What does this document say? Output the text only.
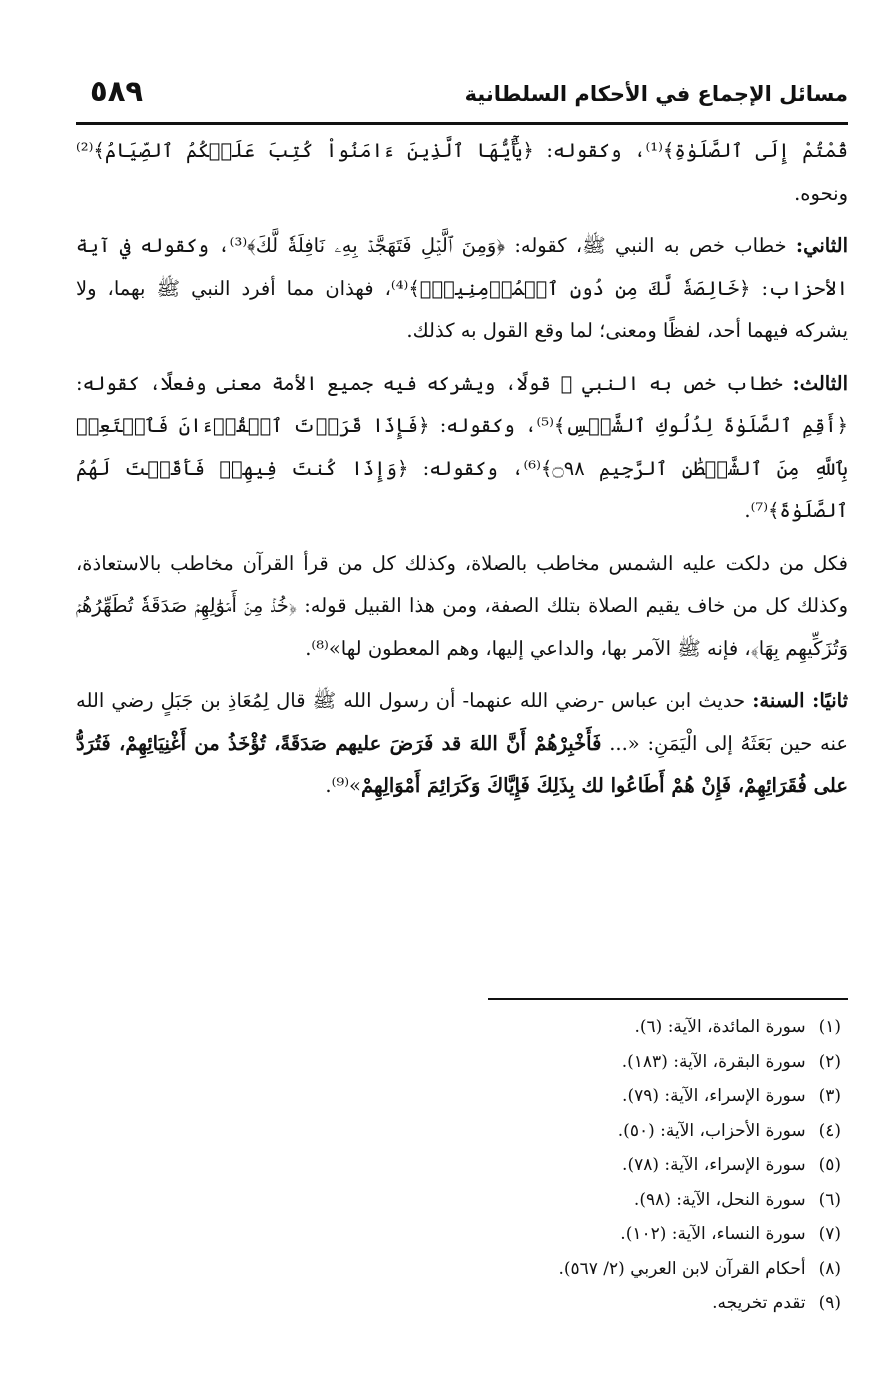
مسائل الإجماع في الأحكام السلطانية
٥٨٩

قُمْتُمْ إِلَى ٱلصَّلَوٰةِ﴾⁽¹⁾، وكقوله: ﴿يَٰٓأَيُّهَا ٱلَّذِينَ ءَامَنُواْ كُتِبَ عَلَيۡكُمُ ٱلصِّيَامُ﴾⁽²⁾ ونحوه.

الثاني: خطاب خص به النبي ﷺ، كقوله: ﴿وَمِنَ ٱلَّيۡلِ فَتَهَجَّدۡ بِهِۦ نَافِلَةٗ لَّكَ﴾⁽³⁾، وكقوله في آية الأحزاب: ﴿خَالِصَةٗ لَّكَ مِن دُونِ ٱلۡمُؤۡمِنِينَۗ﴾⁽⁴⁾، فهذان مما أفرد النبي ﷺ بهما، ولا يشركه فيهما أحد، لفظًا ومعنى؛ لما وقع القول به كذلك.

الثالث: خطاب خص به النبي ﷺ قولًا، ويشركه فيه جميع الأمة معنى وفعلًا، كقوله: ﴿أَقِمِ ٱلصَّلَوٰةَ لِدُلُوكِ ٱلشَّمۡسِ﴾⁽⁵⁾، وكقوله: ﴿فَإِذَا قَرَأۡتَ ٱلۡقُرۡءَانَ فَٱسۡتَعِذۡ بِٱللَّهِ مِنَ ٱلشَّيۡطَٰنِ ٱلرَّجِيمِ ۝٩٨﴾⁽⁶⁾، وكقوله: ﴿وَإِذَا كُنتَ فِيهِمۡ فَأَقَمۡتَ لَهُمُ ٱلصَّلَوٰةَ﴾⁽⁷⁾.

فكل من دلكت عليه الشمس مخاطب بالصلاة، وكذلك كل من قرأ القرآن مخاطب بالاستعاذة، وكذلك كل من خاف يقيم الصلاة بتلك الصفة، ومن هذا القبيل قوله: ﴿خُذۡ مِنۡ أَمۡوَٰلِهِمۡ صَدَقَةٗ تُطَهِّرُهُمۡ وَتُزَكِّيهِم بِهَا﴾، فإنه ﷺ الآمر بها، والداعي إليها، وهم المعطون لها»⁽⁸⁾.

ثانيًا: السنة: حديث ابن عباس -رضي الله عنهما- أن رسول الله ﷺ قال لِمُعَاذِ بن جَبَلٍ رضي الله عنه حين بَعَثَهُ إلى الْيَمَنِ: «... فَأَخْبِرْهُمْ أَنَّ اللهَ قد فَرَضَ عليهم صَدَقَةً، تُؤْخَذُ من أَغْنِيَائِهِمْ، فَتُرَدُّ على فُقَرَائِهِمْ، فَإِنْ هُمْ أَطَاعُوا لك بِذَلِكَ فَإِيَّاكَ وَكَرَائِمَ أَمْوَالِهِمْ»⁽⁹⁾.

(١) سورة المائدة، الآية: (٦).
(٢) سورة البقرة، الآية: (١٨٣).
(٣) سورة الإسراء، الآية: (٧٩).
(٤) سورة الأحزاب، الآية: (٥٠).
(٥) سورة الإسراء، الآية: (٧٨).
(٦) سورة النحل، الآية: (٩٨).
(٧) سورة النساء، الآية: (١٠٢).
(٨) أحكام القرآن لابن العربي (٢/ ٥٦٧).
(٩) تقدم تخريجه.
